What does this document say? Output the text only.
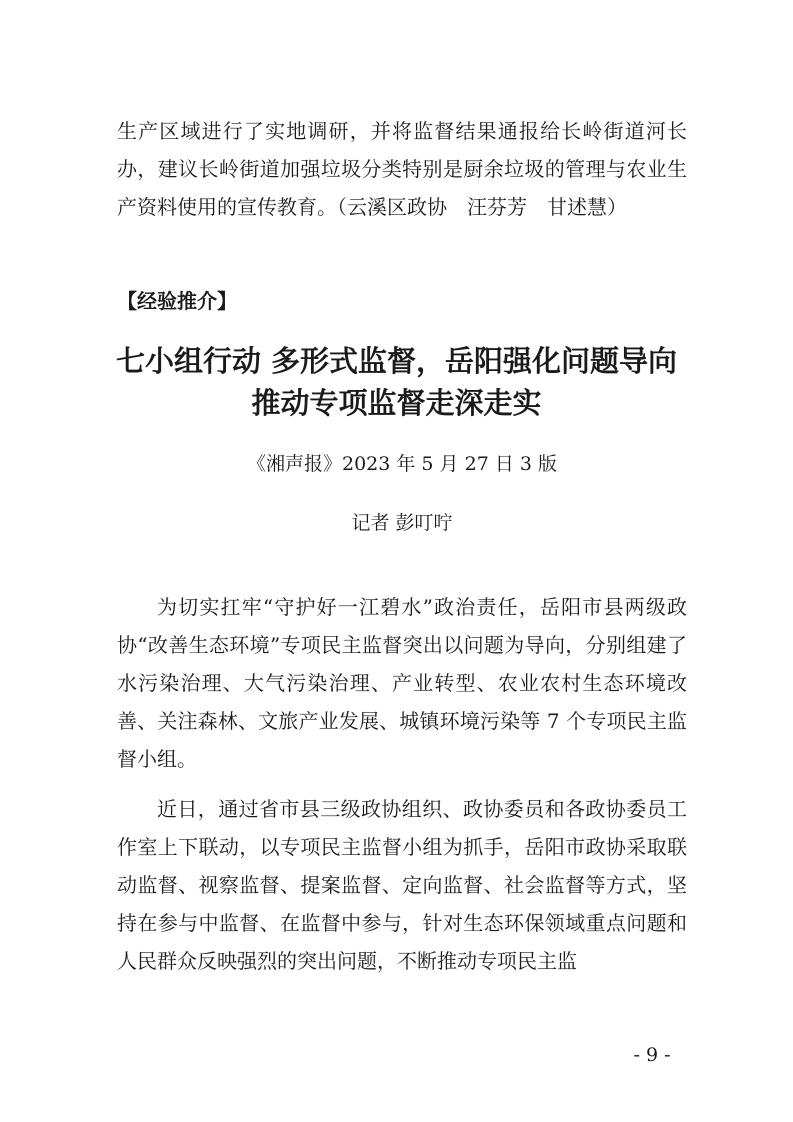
生产区域进行了实地调研，并将监督结果通报给长岭街道河长办，建议长岭街道加强垃圾分类特别是厨余垃圾的管理与农业生产资料使用的宣传教育。（云溪区政协　汪芬芳　甘述慧）

【经验推介】

七小组行动 多形式监督，岳阳强化问题导向
推动专项监督走深走实

《湘声报》2023 年 5 月 27 日 3 版

记者 彭叮咛

为切实扛牢“守护好一江碧水”政治责任，岳阳市县两级政协“改善生态环境”专项民主监督突出以问题为导向，分别组建了水污染治理、大气污染治理、产业转型、农业农村生态环境改善、关注森林、文旅产业发展、城镇环境污染等 7 个专项民主监督小组。

近日，通过省市县三级政协组织、政协委员和各政协委员工作室上下联动，以专项民主监督小组为抓手，岳阳市政协采取联动监督、视察监督、提案监督、定向监督、社会监督等方式，坚持在参与中监督、在监督中参与，针对生态环保领域重点问题和人民群众反映强烈的突出问题，不断推动专项民主监

- 9 -
